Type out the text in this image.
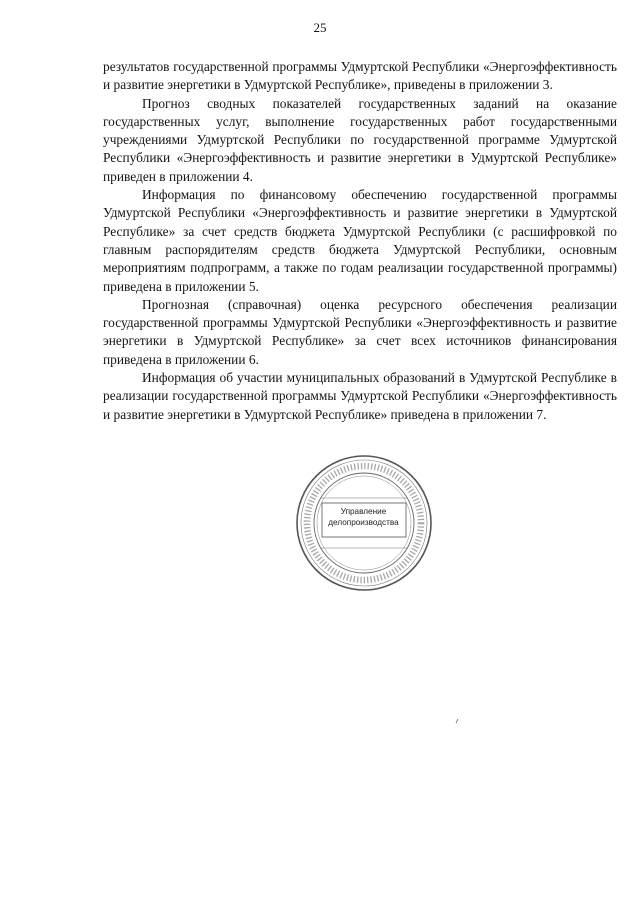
25

результатов государственной программы Удмуртской Республики «Энергоэффективность и развитие энергетики в Удмуртской Республике», приведены в приложении 3.

Прогноз сводных показателей государственных заданий на оказание государственных услуг, выполнение государственных работ государственными учреждениями Удмуртской Республики по государственной программе Удмуртской Республики «Энергоэффективность и развитие энергетики в Удмуртской Республике» приведен в приложении 4.

Информация по финансовому обеспечению государственной программы Удмуртской Республики «Энергоэффективность и развитие энергетики в Удмуртской Республике» за счет средств бюджета Удмуртской Республики (с расшифровкой по главным распорядителям средств бюджета Удмуртской Республики, основным мероприятиям подпрограмм, а также по годам реализации государственной программы) приведена в приложении 5.

Прогнозная (справочная) оценка ресурсного обеспечения реализации государственной программы Удмуртской Республики «Энергоэффективность и развитие энергетики в Удмуртской Республике» за счет всех источников финансирования приведена в приложении 6.

Информация об участии муниципальных образований в Удмуртской Республике в реализации государственной программы Удмуртской Республики «Энергоэффективность и развитие энергетики в Удмуртской Республике» приведена в приложении 7.

Управление
делопроизводства
